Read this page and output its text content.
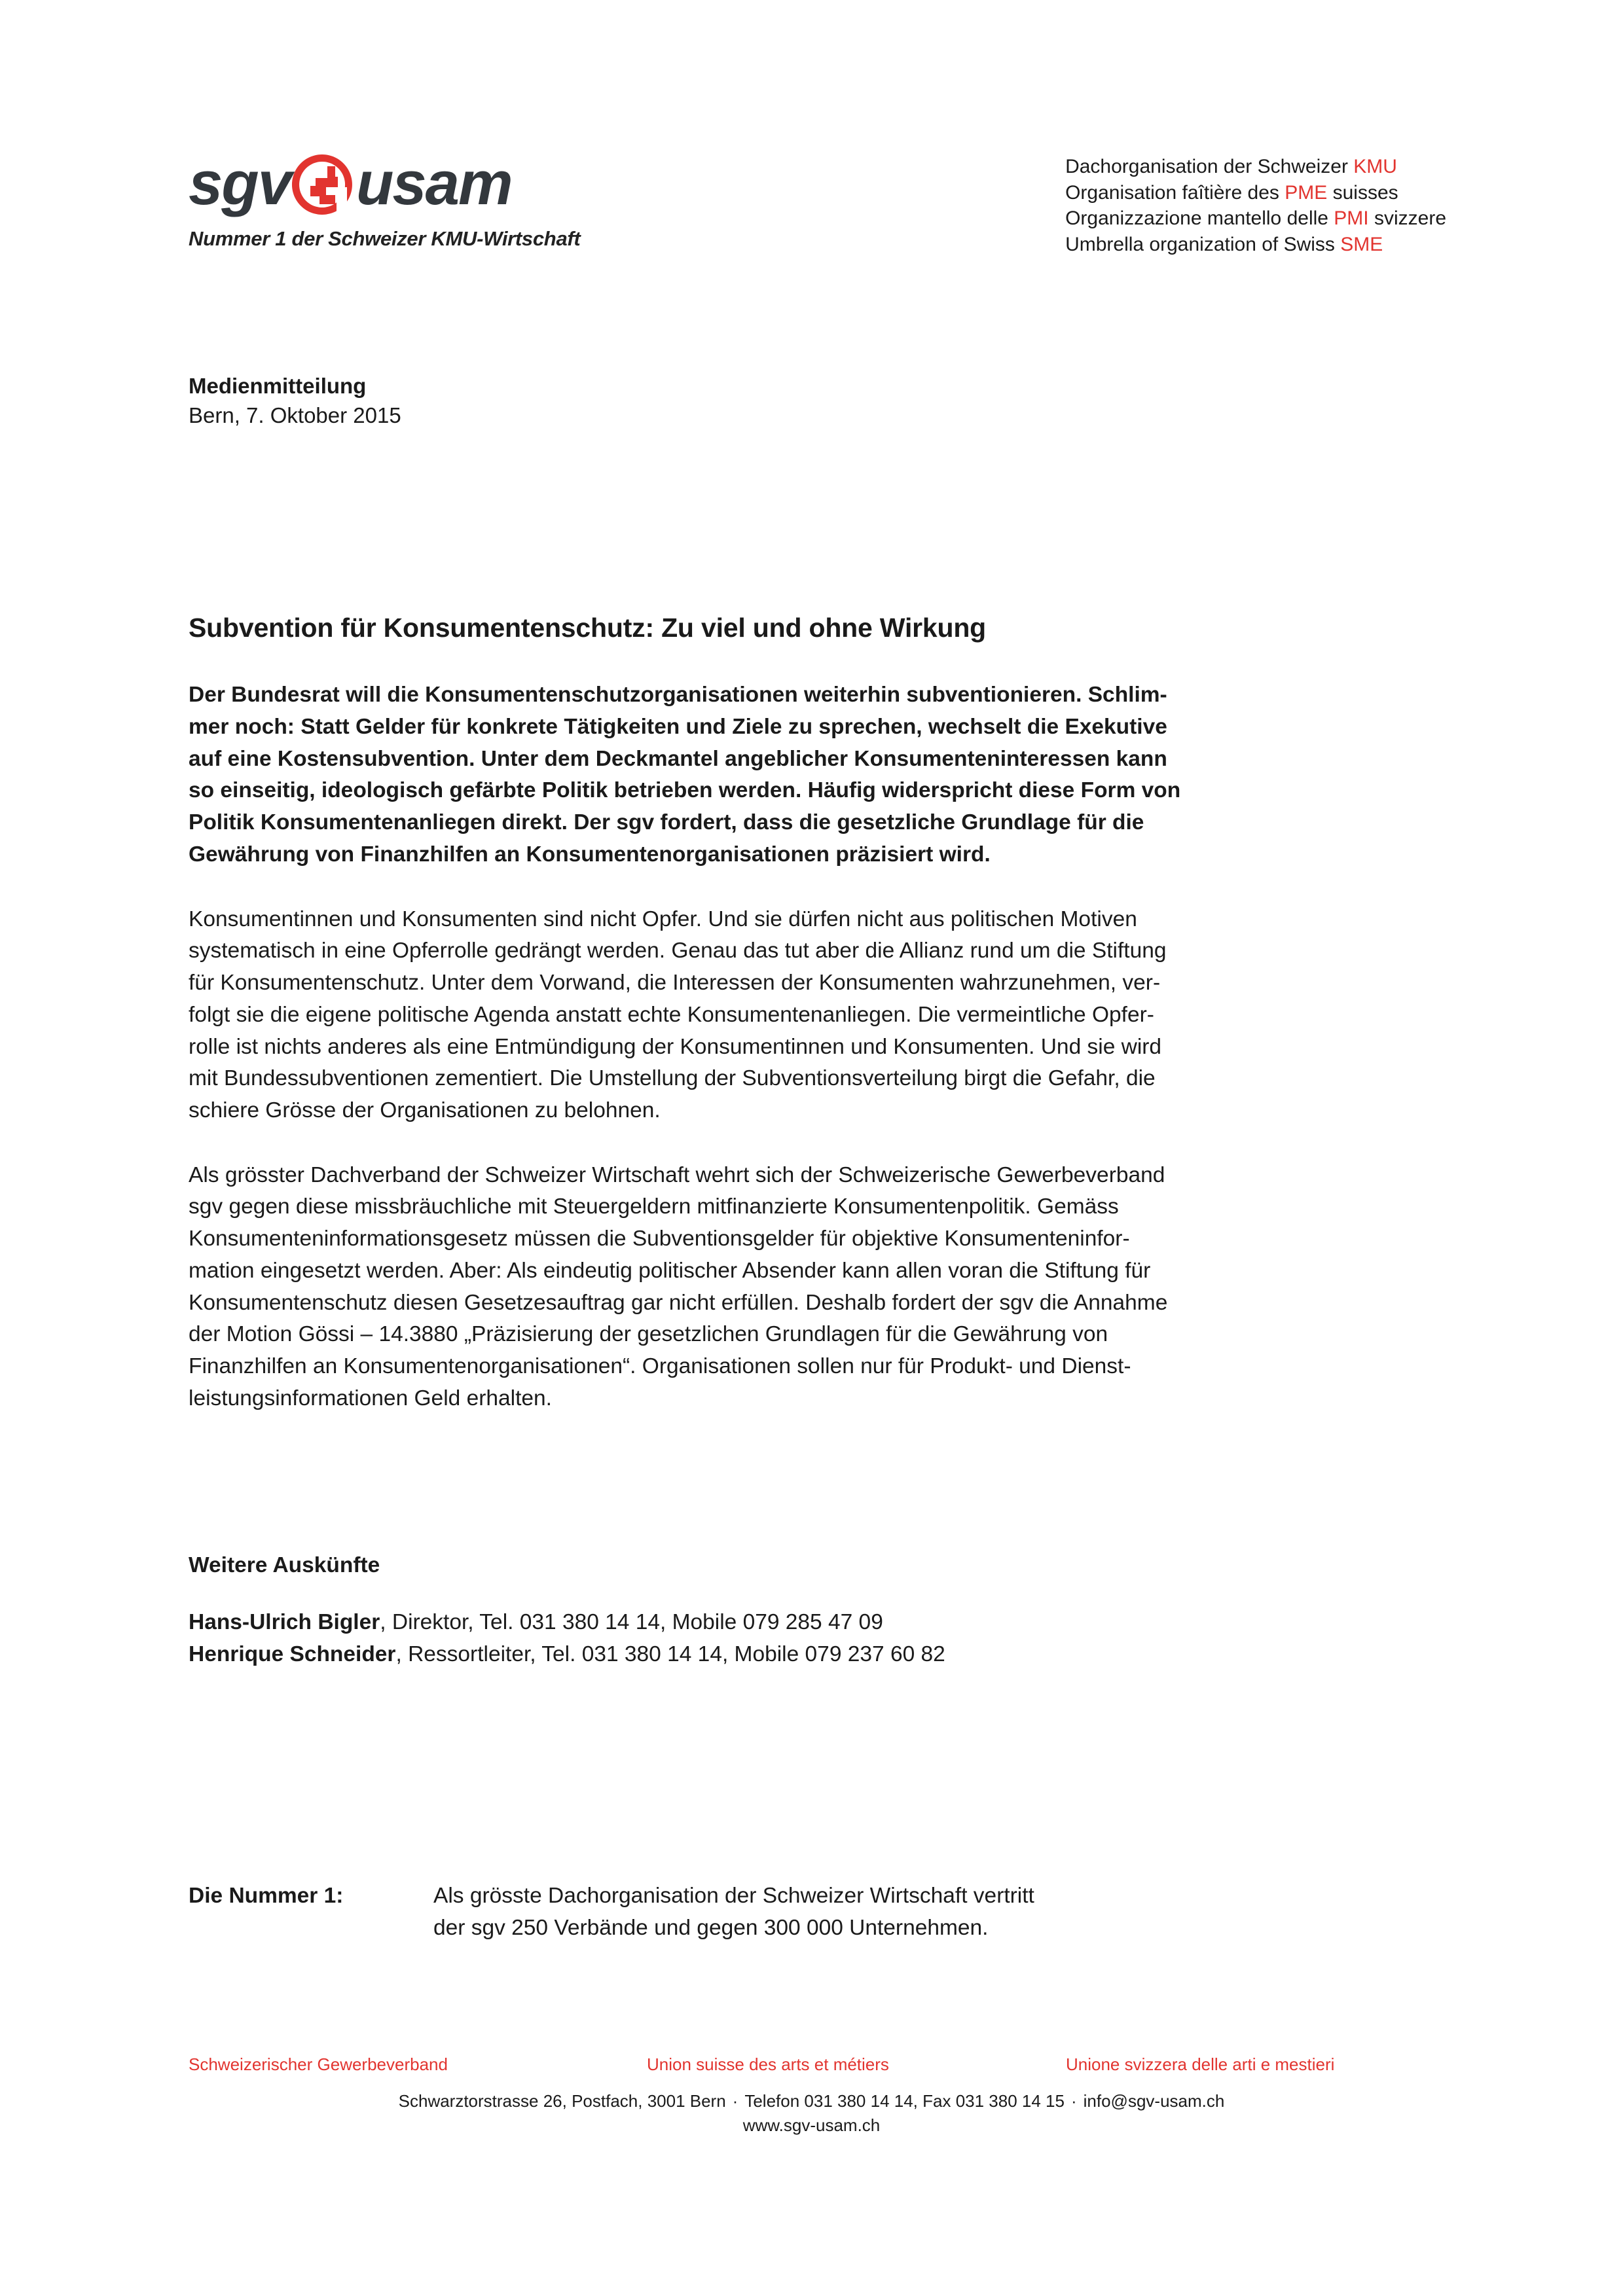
sgv usam
Nummer 1 der Schweizer KMU-Wirtschaft
Dachorganisation der Schweizer KMU
Organisation faîtière des PME suisses
Organizzazione mantello delle PMI svizzere
Umbrella organization of Swiss SME
Medienmitteilung
Bern, 7. Oktober 2015
Subvention für Konsumentenschutz: Zu viel und ohne Wirkung

Der Bundesrat will die Konsumentenschutzorganisationen weiterhin subventionieren. Schlim-
mer noch: Statt Gelder für konkrete Tätigkeiten und Ziele zu sprechen, wechselt die Exekutive
auf eine Kostensubvention. Unter dem Deckmantel angeblicher Konsumenteninteressen kann
so einseitig, ideologisch gefärbte Politik betrieben werden. Häufig widerspricht diese Form von
Politik Konsumentenanliegen direkt. Der sgv fordert, dass die gesetzliche Grundlage für die
Gewährung von Finanzhilfen an Konsumentenorganisationen präzisiert wird.

Konsumentinnen und Konsumenten sind nicht Opfer. Und sie dürfen nicht aus politischen Motiven
systematisch in eine Opferrolle gedrängt werden. Genau das tut aber die Allianz rund um die Stiftung
für Konsumentenschutz. Unter dem Vorwand, die Interessen der Konsumenten wahrzunehmen, ver-
folgt sie die eigene politische Agenda anstatt echte Konsumentenanliegen. Die vermeintliche Opfer-
rolle ist nichts anderes als eine Entmündigung der Konsumentinnen und Konsumenten. Und sie wird
mit Bundessubventionen zementiert. Die Umstellung der Subventionsverteilung birgt die Gefahr, die
schiere Grösse der Organisationen zu belohnen.

Als grösster Dachverband der Schweizer Wirtschaft wehrt sich der Schweizerische Gewerbeverband
sgv gegen diese missbräuchliche mit Steuergeldern mitfinanzierte Konsumentenpolitik. Gemäss
Konsumenteninformationsgesetz müssen die Subventionsgelder für objektive Konsumenteninfor-
mation eingesetzt werden. Aber: Als eindeutig politischer Absender kann allen voran die Stiftung für
Konsumentenschutz diesen Gesetzesauftrag gar nicht erfüllen. Deshalb fordert der sgv die Annahme
der Motion Gössi – 14.3880 „Präzisierung der gesetzlichen Grundlagen für die Gewährung von
Finanzhilfen an Konsumentenorganisationen“. Organisationen sollen nur für Produkt- und Dienst-
leistungsinformationen Geld erhalten.

Weitere Auskünfte
Hans-Ulrich Bigler, Direktor, Tel. 031 380 14 14, Mobile 079 285 47 09
Henrique Schneider, Ressortleiter, Tel. 031 380 14 14, Mobile 079 237 60 82
Die Nummer 1:	Als grösste Dachorganisation der Schweizer Wirtschaft vertritt
der sgv 250 Verbände und gegen 300 000 Unternehmen.
Schweizerischer Gewerbeverband	Union suisse des arts et métiers	Unione svizzera delle arti e mestieri
Schwarztorstrasse 26, Postfach, 3001 Bern · Telefon 031 380 14 14, Fax 031 380 14 15 · info@sgv-usam.ch
www.sgv-usam.ch
